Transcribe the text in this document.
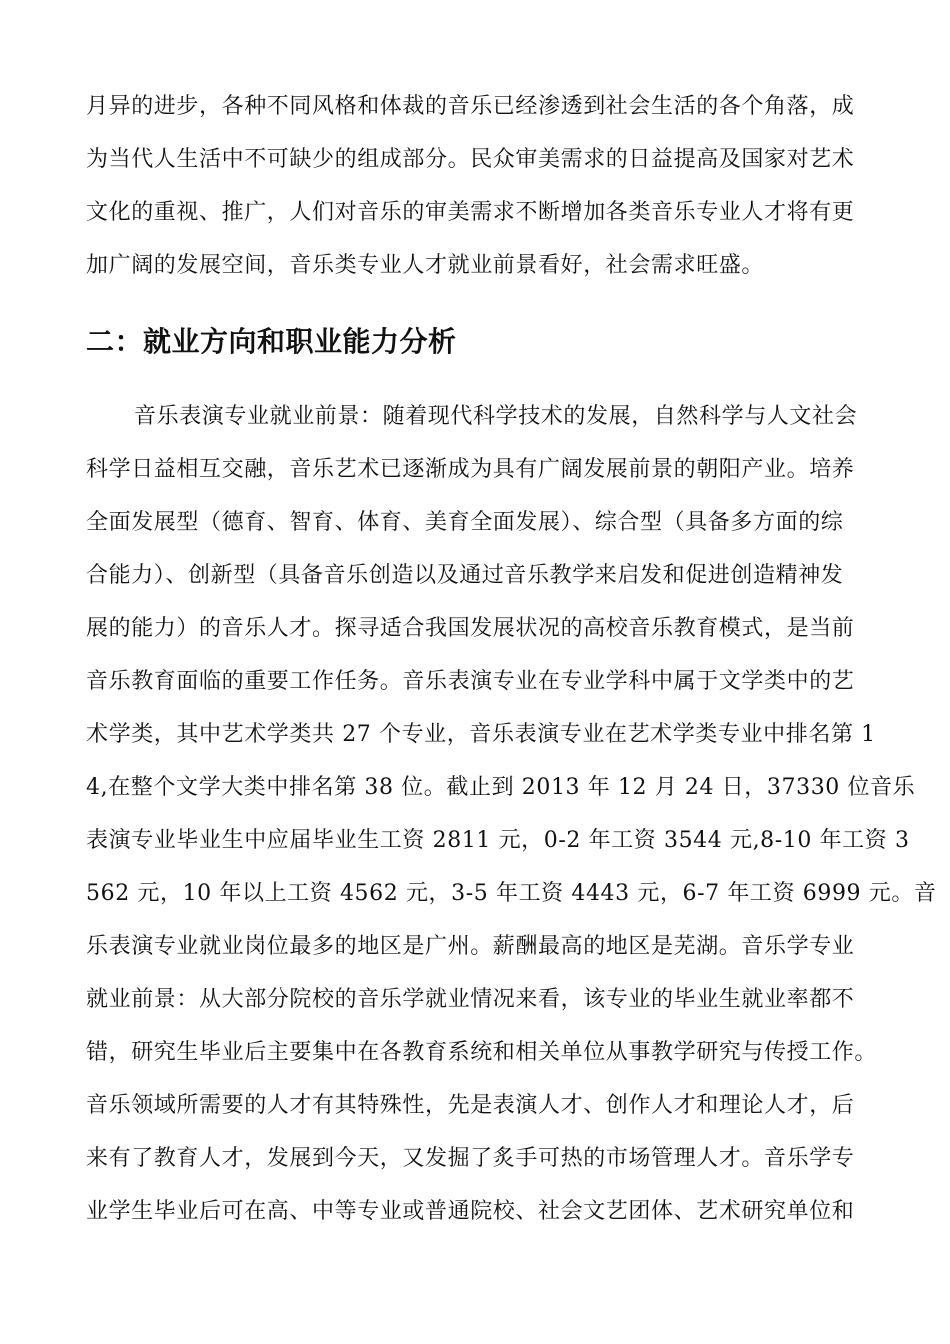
月异的进步，各种不同风格和体裁的音乐已经渗透到社会生活的各个角落，成
为当代人生活中不可缺少的组成部分。民众审美需求的日益提高及国家对艺术
文化的重视、推广，人们对音乐的审美需求不断增加各类音乐专业人才将有更
加广阔的发展空间，音乐类专业人才就业前景看好，社会需求旺盛。
二：就业方向和职业能力分析
音乐表演专业就业前景：随着现代科学技术的发展，自然科学与人文社会
科学日益相互交融，音乐艺术已逐渐成为具有广阔发展前景的朝阳产业。培养
全面发展型（德育、智育、体育、美育全面发展）、综合型（具备多方面的综
合能力）、创新型（具备音乐创造以及通过音乐教学来启发和促进创造精神发
展的能力）的音乐人才。探寻适合我国发展状况的高校音乐教育模式，是当前
音乐教育面临的重要工作任务。音乐表演专业在专业学科中属于文学类中的艺
术学类，其中艺术学类共 27 个专业，音乐表演专业在艺术学类专业中排名第 1
4,在整个文学大类中排名第 38 位。截止到 2013 年 12 月 24 日，37330 位音乐
表演专业毕业生中应届毕业生工资 2811 元，0-2 年工资 3544 元,8-10 年工资 3
562 元，10 年以上工资 4562 元，3-5 年工资 4443 元，6-7 年工资 6999 元。音
乐表演专业就业岗位最多的地区是广州。薪酬最高的地区是芜湖。音乐学专业
就业前景：从大部分院校的音乐学就业情况来看，该专业的毕业生就业率都不
错，研究生毕业后主要集中在各教育系统和相关单位从事教学研究与传授工作。
音乐领域所需要的人才有其特殊性，先是表演人才、创作人才和理论人才，后
来有了教育人才，发展到今天，又发掘了炙手可热的市场管理人才。音乐学专
业学生毕业后可在高、中等专业或普通院校、社会文艺团体、艺术研究单位和
